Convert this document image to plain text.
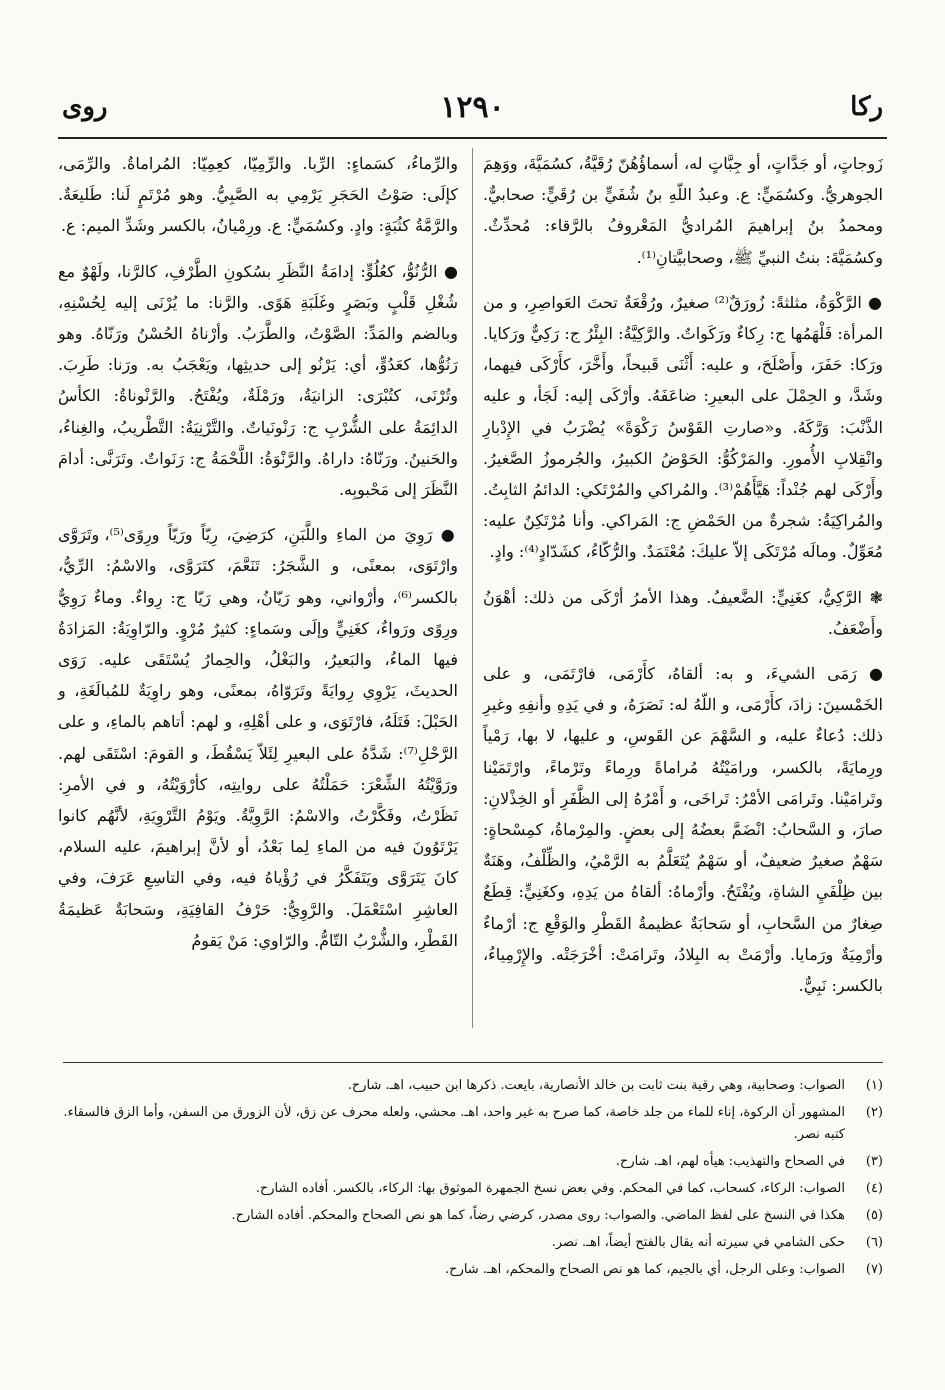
ركا
١٢٩٠
روى

زَوجاتٍ، أو جَدَّاتٍ، أو جِبَّاتٍ له، أسماؤُهُنّ رُقَيَّةُ، كسُمَيَّةَ، ووَهِمَ الجوهريُّ. وكسُمَيٍّ: ع. وعبدُ اللّهِ بنُ شُفَيٍّ بن رُقَيٍّ: صحابيٌّ. ومحمدُ بنُ إبراهيمَ المُراديُّ المَعْروفُ بالرَّقاء: مُحدِّثٌ. وكسُمَيَّةَ: بنتُ النبيِّ ﷺ، وصحابيَّتانِ⁽¹⁾.

● الرَّكْوَةُ، مثلثةً: زُورَقٌ⁽²⁾ صغيرٌ، ورُقْعَةٌ تحتَ العَواصِرِ، و من المرأة: فَلْهَمُها ج: رِكاءٌ ورَكَواتٌ. والرَّكِيَّةُ: البِئْرُ ج: رَكِيٌّ ورَكايا. ورَكا: حَفَرَ، وأَصْلَحَ، و عليه: أَثْنَى قَبيحاً، وأَخَّرَ، كأَرْكَى فيهما، وشَدَّ، و الحِمْلَ على البعيرِ: ضاعَفَهُ. وأرْكَى إليه: لَجَأ، و عليه الذَّنْبَ: وَرَّكَهُ. و«صارتِ القَوْسُ رَكْوَةً» يُضْرَبُ في الإِدْبارِ وانْقِلابِ الأُمورِ. والمَرْكُوُّ: الحَوْضُ الكبيرُ، والجُرموزُ الصَّغيرُ. وأَرْكَى لهم جُنْداً: هَيَّأَهُمْ⁽³⁾. والمُراكي والمُرْتَكي: الدائمُ الثابِتُ. والمُراكِيَةُ: شجرةٌ من الحَمْضِ ج: المَراكي. وأنا مُرْتَكِنٌ عليه: مُعَوِّلٌ. ومالَه مُرْتَكَى إلاّ عليكَ: مُعْتَمَدٌ. والرُّكّاءُ، كشَدّادٍ⁽⁴⁾: وادٍ.

❃ الرَّكِيُّ، كغَنِيٍّ: الضَّعيفُ. وهذا الأمرُ أرْكَى من ذلك: أهْوَنُ وأَضْعَفُ.

● رَمَى الشيءَ، و به: ألقاهُ، كأَرْمَى، فارْتَمَى، و على الخَمْسينَ: زادَ، كأَرْمَى، و اللّهُ له: نَصَرَهُ، و في يَدِهِ وأنفِهِ وغيرِ ذلك: دُعاءٌ عليه، و السَّهْمَ عن القَوسِ، و عليها، لا بها، رَمْياً ورِمايَةً، بالكسر، ورامَيْتُهُ مُراماةً ورِماءً وتَرْماءً، وارْتَمَيْنا وتَرامَيْنا. وتَرامَى الأمْرُ: تَراخَى، و أَمْرُهُ إلى الظَّفَرِ أو الخِذْلانِ: صارَ، و السَّحابُ: انْضَمَّ بعضُهُ إلى بعضٍ. والمِرْماةُ، كمِسْحاةٍ: سَهْمٌ صغيرٌ ضعيفٌ، أو سَهْمٌ يُتَعَلَّمُ به الرَّمْيُ، والظِّلْفُ، وهَنَةٌ بين ظِلْفَيِ الشاةِ، ويُفْتَحُ. وأرْماهُ: ألقاهُ من يَدِهِ، وكغَنِيٍّ: قِطَعٌ صِغارٌ من السَّحابِ، أو سَحابَةٌ عظيمةُ القَطْرِ والوَقْعِ ج: أرْماءٌ وأرْمِيَةٌ ورَمايا. وأرْمَتْ به البِلادُ، وتَرامَتْ: أخْرَجَتْه. والإِرْمِياءُ، بالكسر: نَبِيٌّ.

والرِّماءُ، كسَماءٍ: الرِّبا. والرِّمِيّا، كعِمِيّا: المُراماةُ. والرِّمَى، كإلَى: صَوْتُ الحَجَرِ يَرْمِي به الصَّبِيُّ. وهو مُرْتَمٍ لَنا: طَليعَةٌ. والرَّمَّةُ كثُبَةٍ: وادٍ. وكسُمَيٍّ: ع. ورِمْيانُ، بالكسر وشَدِّ الميم: ع.

● الرُّنُوُّ، كعُلُوٍّ: إدامَةُ النَّظَرِ بسُكونِ الطَّرْفِ، كالرَّنا، ولَهْوٌ مع شُغْلِ قَلْبٍ وبَصَرٍ وغَلَبَةِ هَوًى. والرَّنا: ما يُرْنَى إليه لِحُسْنِهِ، وبالضم والمَدِّ: الصَّوْتُ، والطَّرَبُ. وأرْناهُ الحُسْنُ ورَنّاهُ. وهو رَنُوُّها، كعَدُوٍّ، أي: يَرْنُو إلى حديثِها، ويَعْجَبُ به. ورَنا: طَرِبَ. وتُرْنَى، كتُبْرَى: الزانيَةُ، ورَمْلَةٌ، ويُفْتَحُ. والرَّنْوناةُ: الكأسُ الدائِمَةُ على الشُّرْبِ ج: رَنْونَياتٌ. والتَّرْنِيَةُ: التَّطْريبُ، والغِناءُ، والحَنينُ. ورَنّاهُ: داراهُ. والرَّنْوَةُ: اللَّحْمَةُ ج: رَنَواتٌ. وتَرَنَّى: أدامَ النَّظَرَ إلى مَحْبوبِه.

● رَوِيَ من الماءِ واللَّبَنِ، كرَضِيَ، رِيّاً ورَيّاً ورِوًى⁽⁵⁾، وتَرَوَّى وارْتَوَى، بمعنًى، و الشَّجَرُ: تَنَعَّمَ، كتَرَوَّى، والاسْمُ: الرِّيُّ، بالكسر⁽⁶⁾، وأرْواني، وهو رَيّانُ، وهي رَيّا ج: رِواءٌ. وماءٌ رَوِيٌّ ورِوًى ورَواءٌ، كغَنِيٍّ وإلَى وسَماءٍ: كثيرٌ مُرْوٍ. والرّاوِيَةُ: المَزادَةُ فيها الماءُ، والبَعيرُ، والبَغْلُ، والحِمارُ يُسْتَقَى عليه. رَوَى الحديثَ، يَرْوِي رِوايَةً وتَرَوّاهُ، بمعنًى، وهو راوِيَةٌ للمُبالَغَةِ، و الحَبْلَ: فَتَلَهُ، فارْتَوَى، و على أهْلِهِ، و لهم: أتاهم بالماءِ، و على الرَّحْلِ⁽⁷⁾: شَدَّهُ على البعيرِ لِئَلاّ يَسْقُطَ، و القومَ: اسْتَقَى لهم. ورَوَّيْتُهُ الشِّعْرَ: حَمَلْتُهُ على روايتِه، كأرْوَيْتُهُ، و في الأمرِ: نَظَرْتُ، وفَكَّرْتُ، والاسْمُ: الرَّوِيَّةُ. ويَوْمُ التَّرْوِيَةِ، لأنَّهُم كانوا يَرْتَوُونَ فيه من الماءِ لِما بَعْدُ، أو لأنَّ إبراهيمَ، عليه السلام، كانَ يَتَرَوَّى ويَتَفَكَّرُ في رُؤْياهُ فيه، وفي التاسِعِ عَرَفَ، وفي العاشِرِ اسْتَعْمَلَ. والرَّوِيُّ: حَرْفُ القافِيَةِ، وسَحابَةٌ عَظيمَةُ القَطْرِ، والشُّرْبُ التّامُّ. والرّاوي: مَنْ يَقومُ

(١)
الصواب: وصحابية، وهي رقية بنت ثابت بن خالد الأنصارية، بايعت. ذكرها ابن حبيب، اهـ. شارح.
(٢)
المشهور أن الركوة، إناء للماء من جلد خاصة، كما صرح به غير واحد، اهـ. محشي، ولعله محرف عن زق، لأن الزورق من السفن، وأما الزق فالسقاء. كتبه نصر.
(٣)
في الصحاح والتهذيب: هيأه لهم، اهـ. شارح.
(٤)
الصواب: الركاء، كسحاب، كما في المحكم. وفي بعض نسخ الجمهرة الموثوق بها: الركاء، بالكسر. أفاده الشارح.
(٥)
هكذا في النسخ على لفظ الماضي. والصواب: روى مصدر، كرضي رضاً، كما هو نص الصحاح والمحكم. أفاده الشارح.
(٦)
حكى الشامي في سيرته أنه يقال بالفتح أيضاً، اهـ. نصر.
(٧)
الصواب: وعلى الرجل، أي بالجيم، كما هو نص الصحاح والمحكم، اهـ. شارح.
